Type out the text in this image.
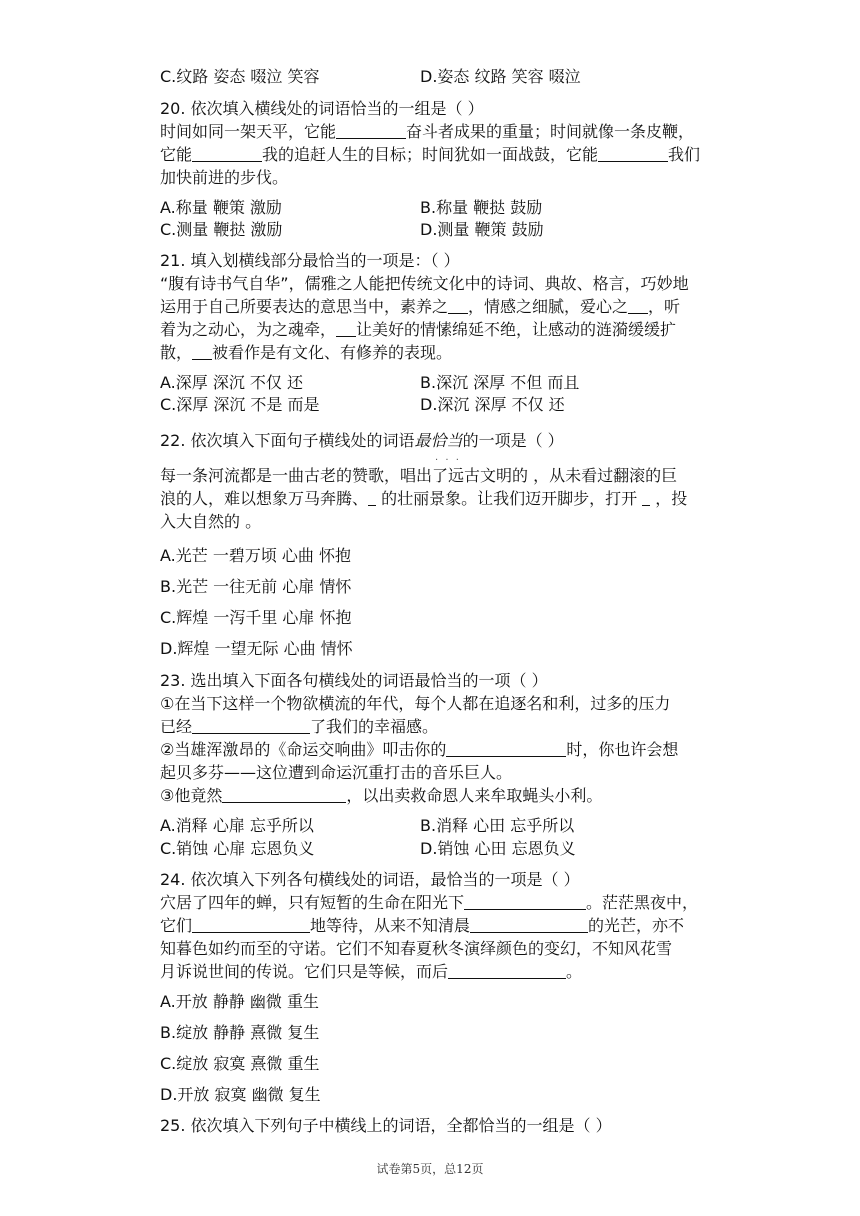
C.纹路 姿态 啜泣 笑容	D.姿态 纹路 笑容 啜泣
20. 依次填入横线处的词语恰当的一组是（ ）
时间如同一架天平，它能	奋斗者成果的重量；时间就像一条皮鞭，
它能	我的追赶人生的目标；时间犹如一面战鼓，它能	我们
加快前进的步伐。
A.称量 鞭策 激励	B.称量 鞭挞 鼓励
C.测量 鞭挞 激励	D.测量 鞭策 鼓励
21. 填入划横线部分最恰当的一项是：（ ）
“腹有诗书气自华”，儒雅之人能把传统文化中的诗词、典故、格言，巧妙地
运用于自己所要表达的意思当中，素养之 ，情感之细腻，爱心之 ，听
着为之动心，为之魂牵， 让美好的情愫绵延不绝，让感动的涟漪缓缓扩
散， 被看作是有文化、有修养的表现。
A.深厚 深沉 不仅 还	B.深沉 深厚 不但 而且
C.深厚 深沉 不是 而是	D.深沉 深厚 不仅 还
22. 依次填入下面句子横线处的词语最恰当的一项是（ ）
· · ·
每一条河流都是一曲古老的赞歌，唱出了远古文明的 ，从未看过翻滚的巨
浪的人，难以想象万马奔腾、 的壮丽景象。让我们迈开脚步，打开  ，投
入大自然的 。
A.光芒 一碧万顷 心曲 怀抱
B.光芒 一往无前 心扉 情怀
C.辉煌 一泻千里 心扉 怀抱
D.辉煌 一望无际 心曲 情怀
23. 选出填入下面各句横线处的词语最恰当的一项（ ）
①在当下这样一个物欲横流的年代，每个人都在追逐名和利，过多的压力
已经	了我们的幸福感。
②当雄浑激昂的《命运交响曲》叩击你的	时，你也许会想
起贝多芬——这位遭到命运沉重打击的音乐巨人。
③他竟然	，以出卖救命恩人来牟取蝇头小利。
A.消释 心扉 忘乎所以	B.消释 心田 忘乎所以
C.销蚀 心扉 忘恩负义	D.销蚀 心田 忘恩负义
24. 依次填入下列各句横线处的词语，最恰当的一项是（ ）
穴居了四年的蝉，只有短暂的生命在阳光下	。茫茫黑夜中，
它们	地等待，从来不知清晨	的光芒，亦不
知暮色如约而至的守诺。它们不知春夏秋冬演绎颜色的变幻，不知风花雪
月诉说世间的传说。它们只是等候，而后	。
A.开放 静静 幽微 重生
B.绽放 静静 熹微 复生
C.绽放 寂寞 熹微 重生
D.开放 寂寞 幽微 复生
25. 依次填入下列句子中横线上的词语，全都恰当的一组是（ ）
试卷第5页，总12页
